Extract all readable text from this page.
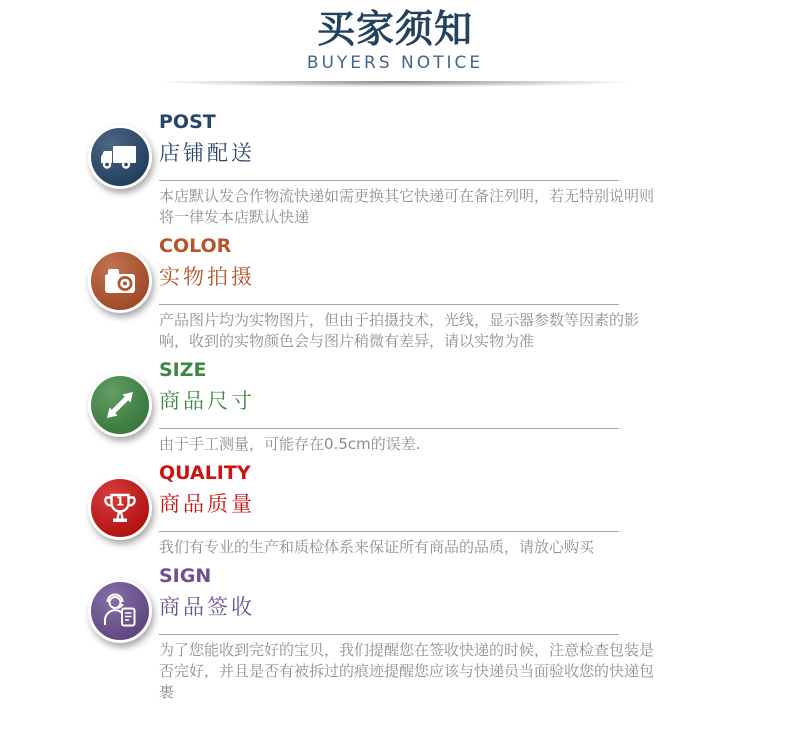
买家须知
BUYERS NOTICE
POST
店铺配送
本店默认发合作物流快递如需更换其它快递可在备注列明，若无特别说明则将一律发本店默认快递
COLOR
实物拍摄
产品图片均为实物图片，但由于拍摄技术，光线，显示器参数等因素的影响，收到的实物颜色会与图片稍微有差异，请以实物为准
SIZE
商品尺寸
由于手工测量，可能存在0.5cm的误差.
1
QUALITY
商品质量
我们有专业的生产和质检体系来保证所有商品的品质，请放心购买
SIGN
商品签收
为了您能收到完好的宝贝，我们提醒您在签收快递的时候，注意检查包装是否完好，并且是否有被拆过的痕迹提醒您应该与快递员当面验收您的快递包裹
